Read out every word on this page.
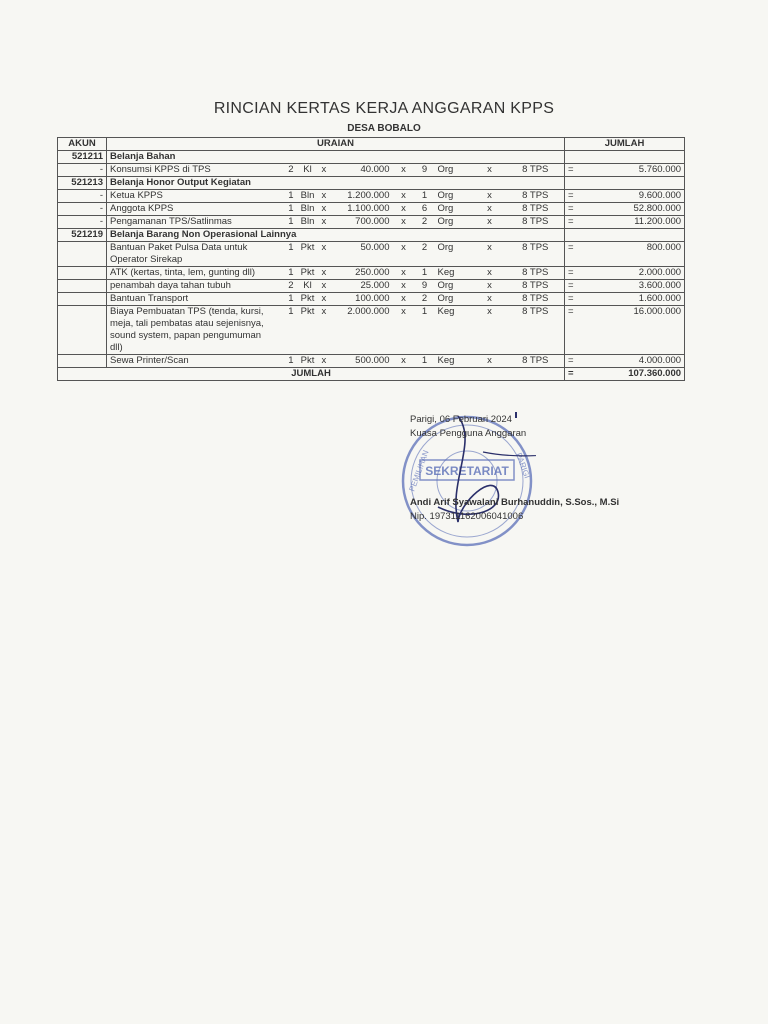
RINCIAN KERTAS KERJA ANGGARAN KPPS
DESA BOBALO
AKUN	URAIAN										JUMLAH	
521211	Belanja Bahan											
-	Konsumsi KPPS di TPS	2	Kl	x	40.000	x	9	Org	x	8 TPS	=	5.760.000
521213	Belanja Honor Output Kegiatan											
-	Ketua KPPS	1	Bln	x	1.200.000	x	1	Org	x	8 TPS	=	9.600.000
-	Anggota KPPS	1	Bln	x	1.100.000	x	6	Org	x	8 TPS	=	52.800.000
-	Pengamanan TPS/Satlinmas	1	Bln	x	700.000	x	2	Org	x	8 TPS	=	11.200.000
521219	Belanja Barang Non Operasional Lainnya											
	Bantuan Paket Pulsa Data untuk Operator Sirekap	1	Pkt	x	50.000	x	2	Org	x	8 TPS	=	800.000
	ATK (kertas, tinta, lem, gunting dll)	1	Pkt	x	250.000	x	1	Keg	x	8 TPS	=	2.000.000
	penambah daya tahan tubuh	2	Kl	x	25.000	x	9	Org	x	8 TPS	=	3.600.000
	Bantuan Transport	1	Pkt	x	100.000	x	2	Org	x	8 TPS	=	1.600.000
	Biaya Pembuatan TPS (tenda, kursi, meja, tali pembatas atau sejenisnya, sound system, papan pengumuman dll)	1	Pkt	x	2.000.000	x	1	Keg	x	8 TPS	=	16.000.000
	Sewa Printer/Scan	1	Pkt	x	500.000	x	1	Keg	x	8 TPS	=	4.000.000
JUMLAH											=	107.360.000
SEKRETARIAT
PEMILIHAN	PARIGI
Parigi, 06 Februari 2024
Kuasa Pengguna Anggaran
Andi Arif Syawalani Burhanuddin, S.Sos., M.Si
Nip. 197311162006041006
